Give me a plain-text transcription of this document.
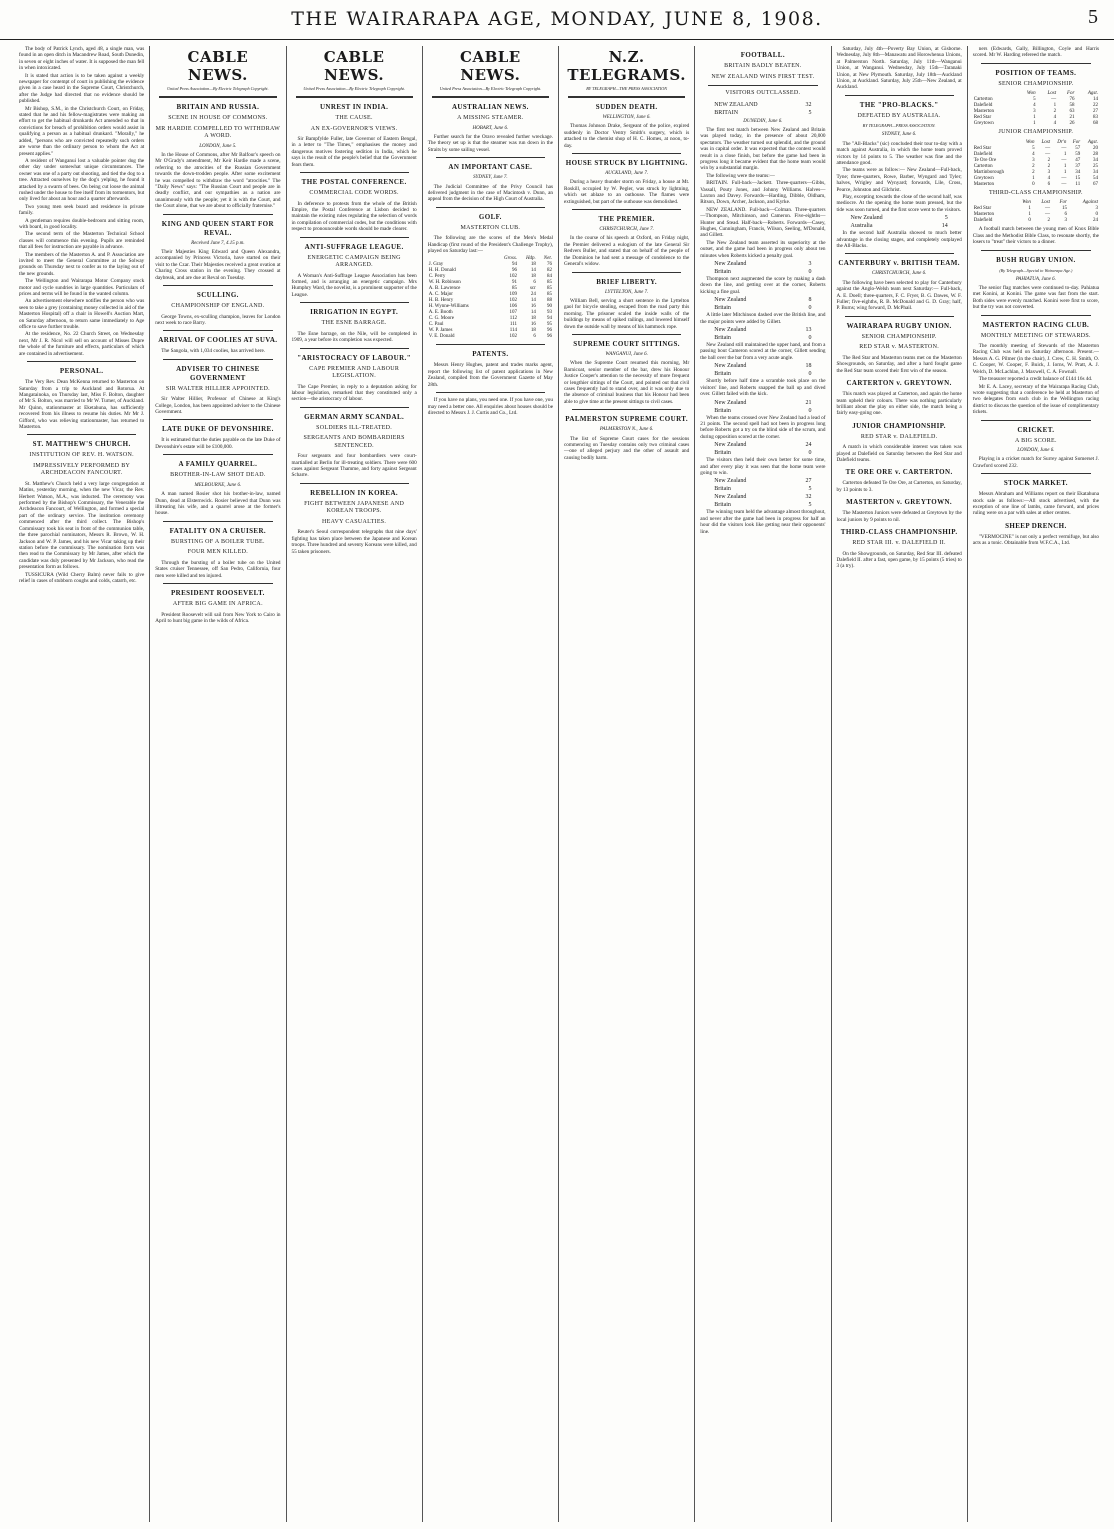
THE WAIRARAPA AGE, MONDAY, JUNE 8, 1908.	5

The body of Patrick Lynch, aged 48, a single man, was found in an open ditch in Macandrew Road, South Dunedin, in seven or eight inches of water. It is supposed the man fell in when intoxicated.

It is stated that action is to be taken against a weekly newspaper for contempt of court in publishing the evidence given in a case heard in the Supreme Court, Christchurch, after the Judge had directed that no evidence should be published.

Mr Bishop, S.M., in the Christchurch Court, on Friday, stated that he and his fellow-magistrates were making an effort to get the habitual drunkards Act amended so that in convictions for breach of prohibition orders would assist in qualifying a person as a habitual drunkard. "Morally," he added, "persons who are convicted repeatedly such orders are worse than the ordinary person to whom the Act at present applies."

A resident of Wanganui lost a valuable pointer dog the other day under somewhat unique circumstances. The owner was one of a party out shooting, and tied the dog to a tree. Attracted ourselves by the dog's yelping, he found it attacked by a swarm of bees. On being cut loose the animal rushed under the house to free itself from its tormentors, but only lived for about an hour and a quarter afterwards.

Two young men seek board and residence in private family.

A gentleman requires double-bedroom and sitting room, with board, in good locality.

The second term of the Masterton Technical School classes will commence this evening. Pupils are reminded that all fees for instruction are payable in advance.

The members of the Masterton A. and P. Association are invited to meet the General Committee at the Solway grounds on Thursday next to confer as to the laying out of the new grounds.

The Wellington and Wairarapa Motor Company stock motor and cycle sundries in large quantities. Particulars of prices and terms will be found in the wanted column.

An advertisement elsewhere notifies the person who was seen to take a grey (containing money collected in aid of the Masterton Hospital) off a chair in Howell's Auction Mart, on Saturday afternoon, to return same immediately to Age office to save further trouble.

At the residence, No. 22 Church Street, on Wednesday next, Mr J. R. Nicol will sell on account of Misses Dupre the whole of the furniture and effects, particulars of which are contained in advertisement.

PERSONAL.

The Very Rev. Dean McKenna returned to Masterton on Saturday from a trip to Auckland and Rotorua. At Mangatainoka, on Thursday last, Miss F. Bolton, daughter of Mr S. Bolton, was married to Mr W. Turner, of Auckland. Mr Quinn, stationmaster at Eketahuna, has sufficiently recovered from his illness to resume his duties. Mr Mr J. Gifford, who was relieving stationmaster, has returned to Masterton.

ST. MATTHEW'S CHURCH.
INSTITUTION OF REV. H. WATSON.
IMPRESSIVELY PERFORMED BY ARCHDEACON FANCOURT.

St. Matthew's Church held a very large congregation at Matins, yesterday morning, when the new Vicar, the Rev. Herbert Watson, M.A., was inducted. The ceremony was performed by the Bishop's Commissary, the Venerable the Archdeacon Fancourt, of Wellington, and formed a special part of the ordinary service. The institution ceremony commenced after the third collect. The Bishop's Commissary took his seat in front of the communion table, the three parochial nominators, Messrs R. Brown, W. H. Jackson and W. P. James, and his new Vicar taking up their station before the commissary. The nomination form was then read to the Commissary by Mr James, after which the candidate was duly presented by Mr Jackson, who read the presentation form as follows.

TUSSICURA (Wild Cherry Balm) never fails to give relief in cases of stubborn coughs and colds, catarrh, etc.

CABLE NEWS.
United Press Association—By Electric Telegraph Copyright.
BRITAIN AND RUSSIA.
SCENE IN HOUSE OF COMMONS.
MR HARDIE COMPELLED TO WITHDRAW A WORD.
LONDON, June 5.

In the House of Commons, after Mr Balfour's speech on Mr O'Grady's amendment, Mr Keir Hardie made a scene, referring to the atrocities of the Russian Government towards the down-trodden people. After some excitement he was compelled to withdraw the word "atrocities." The "Daily News" says: "The Russian Court and people are in deadly conflict, and our sympathies as a nation are unanimously with the people; yet it is with the Court, and the Court alone, that we are about to officially fraternise."

KING AND QUEEN START FOR REVAL.
Received June 7, 4.15 p.m.

Their Majesties King Edward and Queen Alexandra, accompanied by Princess Victoria, have started on their visit to the Czar. Their Majesties received a great ovation at Charing Cross station in the evening. They crossed at daybreak, and are due at Reval on Tuesday.

SCULLING.
CHAMPIONSHIP OF ENGLAND.

George Towns, ex-sculling champion, leaves for London next week to race Barry.

ARRIVAL OF COOLIES AT SUVA.

The Sangola, with 1,034 coolies, has arrived here.

ADVISER TO CHINESE GOVERNMENT
SIR WALTER HILLIER APPOINTED.

Sir Walter Hillier, Professor of Chinese at King's College, London, has been appointed adviser to the Chinese Government.

LATE DUKE OF DEVONSHIRE.

It is estimated that the duties payable on the late Duke of Devonshire's estate will be £100,000.

A FAMILY QUARREL.
BROTHER-IN-LAW SHOT DEAD.
MELBOURNE, June 6.

A man named Rosier shot his brother-in-law, named Dunn, dead at Elsternwick. Rosier believed that Dunn was illtreating his wife, and a quarrel arose at the former's house.

FATALITY ON A CRUISER.
BURSTING OF A BOILER TUBE.
FOUR MEN KILLED.

Through the bursting of a boiler tube on the United States cruiser Tennessee, off San Pedro, California, four men were killed and ten injured.

PRESIDENT ROOSEVELT.
AFTER BIG GAME IN AFRICA.

President Roosevelt will sail from New York to Cairo in April to hunt big game in the wilds of Africa.

CABLE NEWS.
United Press Association—By Electric Telegraph Copyright.
UNREST IN INDIA.
THE CAUSE.
AN EX-GOVERNOR'S VIEWS.

Sir Bampfylde Fuller, late Governor of Eastern Bengal, in a letter to "The Times," emphasises the money and dangerous motives fostering sedition in India, which he says is the result of the people's belief that the Government fears them.

THE POSTAL CONFERENCE.
COMMERCIAL CODE WORDS.

In deference to protests from the whole of the British Empire, the Postal Conference at Lisbon decided to maintain the existing rules regulating the selection of words in compilation of commercial codes, but the conditions with respect to pronounceable words should be made clearer.

ANTI-SUFFRAGE LEAGUE.
ENERGETIC CAMPAIGN BEING ARRANGED.

A Woman's Anti-Suffrage League Association has been formed, and is arranging an energetic campaign. Mrs Humphry Ward, the novelist, is a prominent supporter of the League.

IRRIGATION IN EGYPT.
THE ESNE BARRAGE.

The Esne barrage, on the Nile, will be completed in 1909, a year before its completion was expected.

"ARISTOCRACY OF LABOUR."
CAPE PREMIER AND LABOUR LEGISLATION.

The Cape Premier, in reply to a deputation asking for labour legislation, remarked that they constituted only a section—the aristocracy of labour.

GERMAN ARMY SCANDAL.
SOLDIERS ILL-TREATED.
SERGEANTS AND BOMBARDIERS SENTENCED.

Four sergeants and four bombardiers were court-martialled at Berlin for ill-treating soldiers. There were 600 cases against Sergeant Thamme, and forty against Sergeant Scharre.

REBELLION IN KOREA.
FIGHT BETWEEN JAPANESE AND KOREAN TROOPS.
HEAVY CASUALTIES.

Reuter's Seoul correspondent telegraphs that nine days' fighting has taken place between the Japanese and Korean troops. Three hundred and seventy Koreans were killed, and 55 taken prisoners.

CABLE NEWS.
United Press Association—By Electric Telegraph Copyright.
AUSTRALIAN NEWS.
A MISSING STEAMER.
HOBART, June 6.

Further search for the Oravo revealed further wreckage. The theory set up is that the steamer was run down in the Straits by some sailing vessel.

AN IMPORTANT CASE.
SYDNEY, June 7.

The Judicial Committee of the Privy Council has delivered judgment in the case of Macintosh v. Dunn, an appeal from the decision of the High Court of Australia.

GOLF.
MASTERTON CLUB.

The following are the scores of the Men's Medal Handicap (first round of the President's Challenge Trophy), played on Saturday last:—

	Gross.	Hdp.	Net.
J. Gray	94	18	76
H. H. Donald	96	14	82
C. Perry	102	18	84
W. H. Robinson	91	6	85
A. B. Lawrence	85	scr	85
A. C. Major	109	24	85
H. B. Henry	102	14	88
H. Wynne-Williams	106	16	90
A. E. Booth	107	14	93
C. G. Moore	112	18	94
C. Paul	111	16	95
W. P. James	114	18	96
V. E. Donald	102	6	96
PATENTS.

Messrs Henry Hughes, patent and trades marks agent, report the following list of patent applications in New Zealand, compiled from the Government Gazette of May 28th.

If you have no plans, you need one. If you have one, you may need a better one. All enquiries about houses should be directed to Messrs J. J. Curtis and Co., Ltd.

N.Z. TELEGRAMS.
BY TELEGRAPH—THE PRESS ASSOCIATION
SUDDEN DEATH.
WELLINGTON, June 6.

Thomas Johnson Drake, Sergeant of the police, expired suddenly in Doctor Ventry Smith's surgery, which is attached to the chemist shop of H. C. Homes, at noon, to-day.

HOUSE STRUCK BY LIGHTNING.
AUCKLAND, June 7.

During a heavy thunder storm on Friday, a house at Mt. Roskill, occupied by W. Pegler, was struck by lightning, which set ablaze to an outhouse. The flames were extinguished, but part of the outhouse was demolished.

THE PREMIER.
CHRISTCHURCH, June 7.

In the course of his speech at Oxford, on Friday night, the Premier delivered a eulogism of the late General Sir Redvers Buller, and stated that on behalf of the people of the Dominion he had sent a message of condolence to the General's widow.

BRIEF LIBERTY.
LYTTELTON, June 7.

William Bell, serving a short sentence in the Lyttelton gaol for bicycle stealing, escaped from the road party this morning. The prisoner scaled the inside walls of the buildings by means of spiked railings, and lowered himself down the outside wall by means of his hammock rope.

SUPREME COURT SITTINGS.
WANGANUI, June 6.

When the Supreme Court resumed this morning, Mr Barnicoat, senior member of the bar, drew his Honour Justice Cooper's attention to the necessity of more frequent or lengthier sittings of the Court, and pointed out that civil cases frequently had to stand over, and it was only due to the absence of criminal business that his Honour had been able to give time at the present sittings to civil cases.

PALMERSTON SUPREME COURT.
PALMERSTON N., June 6.

The list of Supreme Court cases for the sessions commencing on Tuesday contains only two criminal cases—one of alleged perjury and the other of assault and causing bodily harm.

FOOTBALL.
BRITAIN BADLY BEATEN.
NEW ZEALAND WINS FIRST TEST.
VISITORS OUTCLASSED.
NEW ZEALAND	32
BRITAIN	5
DUNEDIN, June 6.

The first test match between New Zealand and Britain was played today, in the presence of about 20,000 spectators. The weather turned out splendid, and the ground was in capital order. It was expected that the contest would result in a close finish, but before the game had been in progress long it became evident that the home team would win by a substantial margin.

The following were the teams:—

BRITAIN. Full-back—Jackett. Three-quarters—Gibbs, Vassall, Pouty Jones, and Johnny Williams. Halves—Laxton and Davey. Forwards—Harding, Dibble, Oldham, Ritson, Down, Archer, Jackson, and Kyrke.

NEW ZEALAND. Full-back—Colman. Three-quarters—Thompson, Mitchinson, and Cameron. Five-eighths—Hunter and Stead. Half-back—Roberts. Forwards—Casey, Hughes, Cunningham, Francis, Wilson, Seeling, M'Donald, and Gillett.

The New Zealand team asserted its superiority at the outset, and the game had been in progress only about ten minutes when Roberts kicked a penalty goal.

New Zealand	3
Britain	0

Thompson next augmented the score by making a dash down the line, and getting over at the corner, Roberts kicking a fine goal.

New Zealand	8
Britain	0

A little later Mitchinson dashed over the British line, and the major points were added by Gillett.

New Zealand	13
Britain	0

New Zealand still maintained the upper hand, and from a passing bout Cameron scored at the corner, Gillett sending the ball over the bar from a very acute angle.

New Zealand	18
Britain	0

Shortly before half time a scramble took place on the visitors' line, and Roberts snapped the ball up and dived over. Gillett failed with the kick.

New Zealand	21
Britain	0

When the teams crossed over New Zealand had a lead of 21 points. The second spell had not been in progress long before Roberts got a try on the blind side of the scrum, and during opposition scored at the corner.

New Zealand	24
Britain	0

The visitors then held their own better for some time, and after every play it was seen that the home team were going to win.

New Zealand	27
Britain	5
New Zealand	32
Britain	5

The winning team held the advantage almost throughout, and never after the game had been in progress for half an hour did the visitors look like getting near their opponents' line.

Saturday, July 4th—Poverty Bay Union, at Gisborne. Wednesday, July 8th—Manawatu and Horowhenua Unions, at Palmerston North. Saturday, July 11th—Wanganui Union, at Wanganui. Wednesday, July 15th—Taranaki Union, at New Plymouth. Saturday, July 18th—Auckland Union, at Auckland. Saturday, July 25th—New Zealand, at Auckland.

THE "PRO-BLACKS."
DEFEATED BY AUSTRALIA.
BY TELEGRAPH—PRESS ASSOCIATION.
SYDNEY, June 6.

The "All-Blacks" (sic) concluded their tour to-day with a match against Australia, in which the home team proved victors by 14 points to 5. The weather was fine and the attendance good.

The teams were as follow:— New Zealand—Full-back, Tyne; three-quarters, Rowe, Barber, Wyngard and Tyler; halves, Wrigley and Wynyard; forwards, Lile, Cross, Pearce, Johnston and Gilchrist.

Play, excepting towards the close of the second half, was mediocre. At the opening the home team pressed, but the tide was soon turned, and the first score went to the visitors.

New Zealand	5
Australia	14

In the second half Australia showed to much better advantage in the closing stages, and completely outplayed the All-Blacks.

CANTERBURY v. BRITISH TEAM.
CHRISTCHURCH, June 6.

The following have been selected to play for Canterbury against the Anglo-Welsh team next Saturday:— Full-back, A. E. Doell; three-quarters, F. C. Fryer, B. G. Dawes, W. F. Fuller; five-eighths, R. B. McDonald and G. D. Gray; half, P. Burns; wing forward, D. McPhail.

WAIRARAPA RUGBY UNION.
SENIOR CHAMPIONSHIP.
RED STAR v. MASTERTON.

The Red Star and Masterton teams met on the Masterton Showgrounds, on Saturday, and after a hard fought game the Red Star team scored their first win of the season.

CARTERTON v. GREYTOWN.

This match was played at Carterton, and again the home team upheld their colours. There was nothing particularly brilliant about the play on either side, the match being a fairly easy-going one.

JUNIOR CHAMPIONSHIP.
RED STAR v. DALEFIELD.

A match in which considerable interest was taken was played at Dalefield on Saturday between the Red Star and Dalefield teams.

TE ORE ORE v. CARTERTON.

Carterton defeated Te Ore Ore, at Carterton, on Saturday, by 13 points to 3.

MASTERTON v. GREYTOWN.

The Masterton Juniors were defeated at Greytown by the local juniors by 9 points to nil.

THIRD-CLASS CHAMPIONSHIP.
RED STAR III. v. DALEFIELD II.

On the Showgrounds, on Saturday, Red Star III. defeated Dalefield II. after a fast, open game, by 15 points (5 tries) to 3 (a try).

ners (Edwards, Gally, Billington, Coyle and Harris scored. Mr W. Harding refereed the match.

POSITION OF TEAMS.
SENIOR CHAMPIONSHIP.
	Won	Lost	For	Agst.
Carterton	5	—	76	14
Dalefield	4	1	58	22
Masterton	3	2	63	27
Red Star	1	4	21	83
Greytown	1	4	26	68
JUNIOR CHAMPIONSHIP.
	Won	Lost	Dr'n	For	Agst.
Red Star	5	—	—	57	20
Dalefield	4	—	1	59	28
Te Ore Ore	3	2	—	47	34
Carterton	2	2	1	37	25
Martinborough	2	3	1	34	34
Greytown	1	4	—	15	54
Masterton	0	6	—	11	67
THIRD-CLASS CHAMPIONSHIP.
	Won	Lost	For	Against
Red Star	1	—	15	3
Masterton	1	—	6	0
Dalefield	0	2	3	24

A football match between the young men of Knox Bible Class and the Methodist Bible Class, to resonate shortly, the losers to "treat" their victors to a dinner.

BUSH RUGBY UNION.
(By Telegraph—Special to Wairarapa Age.)
PAHIATUA, June 6.

The senior flag matches were continued to-day. Pahiatua met Konini, at Konini. The game was fast from the start. Both sides were evenly matched. Konini were first to score, but the try was not converted.

MASTERTON RACING CLUB.
MONTHLY MEETING OF STEWARDS.

The monthly meeting of Stewards of the Masterton Racing Club was held on Saturday afternoon. Present.—Messrs A. G. Pilmer (in the chair), J. Crew, C. H. Smith, O. C. Cooper, W. Cooper, F. Buick, J. Iorns, W. Pratt, A. J. Welch, D. McLachlan, J. Maxwell, C. A. Fownall.

The treasurer reported a credit balance of £144 16s 4d.

Mr E. A. Lacey, secretary of the Wairarapa Racing Club, wrote suggesting that a conference be held at Masterton of two delegates from each club in the Wellington racing district to discuss the question of the issue of complimentary tickets.

CRICKET.
A BIG SCORE.
LONDON, June 6.

Playing in a cricket match for Surrey against Somerset J. Crawford scored 232.

STOCK MARKET.

Messrs Abraham and Williams report on their Ekatahuna stock sale as follows:—All stock advertised, with the exception of one line of lambs, came forward, and prices ruling were on a par with sales at other centres.

SHEEP DRENCH.

"VERMOCINE" is not only a perfect vermifuge, but also acts as a tonic. Obtainable from W.F.C.A., Ltd.
